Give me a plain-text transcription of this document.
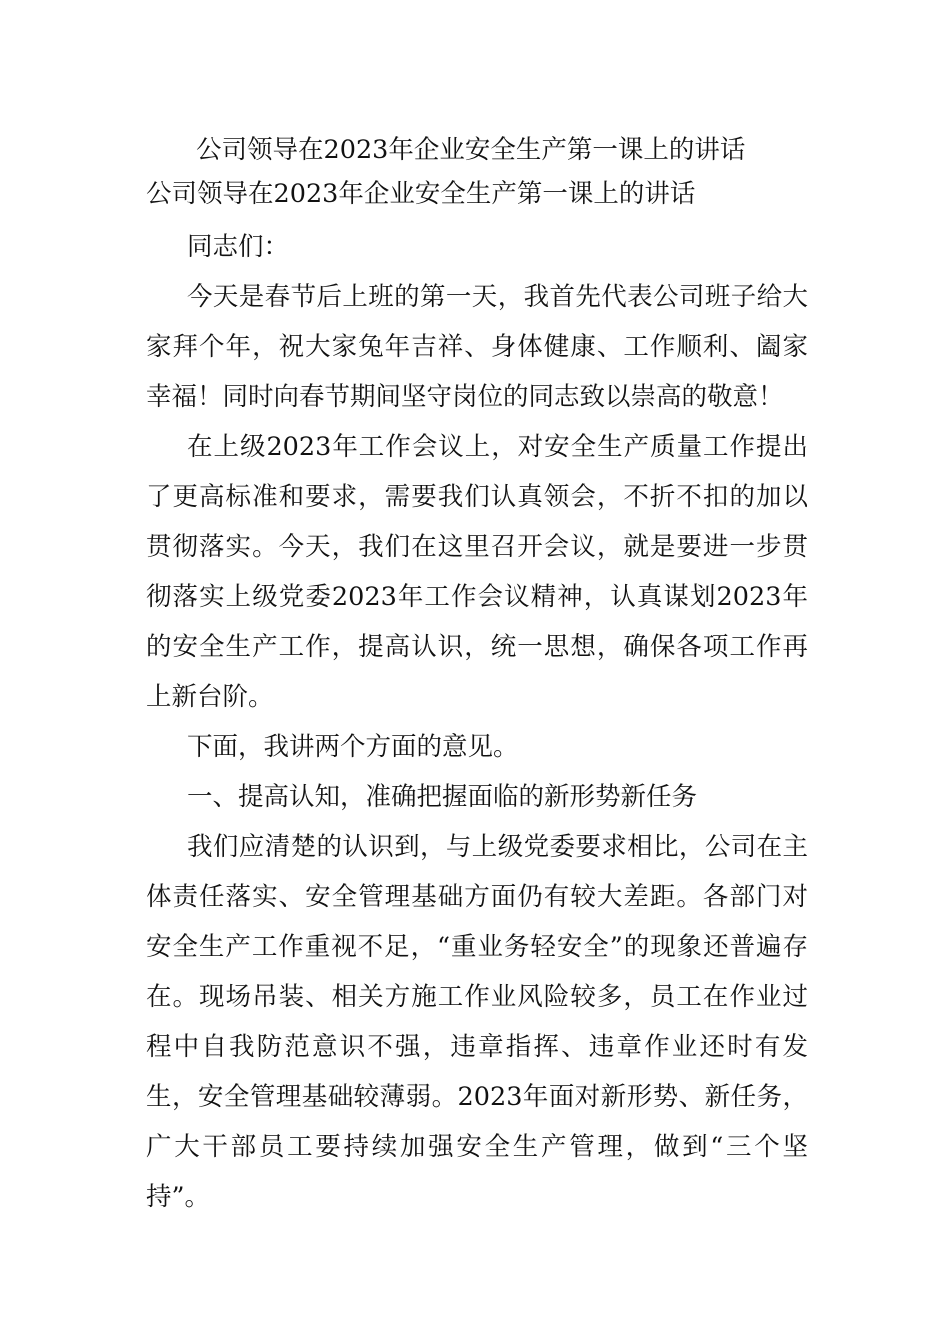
公司领导在2023年企业安全生产第一课上的讲话

公司领导在2023年企业安全生产第一课上的讲话

同志们：

今天是春节后上班的第一天，我首先代表公司班子给大家拜个年，祝大家兔年吉祥、身体健康、工作顺利、阖家幸福！同时向春节期间坚守岗位的同志致以崇高的敬意！

在上级2023年工作会议上，对安全生产质量工作提出了更高标准和要求，需要我们认真领会，不折不扣的加以贯彻落实。今天，我们在这里召开会议，就是要进一步贯彻落实上级党委2023年工作会议精神，认真谋划2023年的安全生产工作，提高认识，统一思想，确保各项工作再上新台阶。

下面，我讲两个方面的意见。

一、提高认知，准确把握面临的新形势新任务

我们应清楚的认识到，与上级党委要求相比，公司在主体责任落实、安全管理基础方面仍有较大差距。各部门对安全生产工作重视不足，“重业务轻安全”的现象还普遍存在。现场吊装、相关方施工作业风险较多，员工在作业过程中自我防范意识不强，违章指挥、违章作业还时有发生，安全管理基础较薄弱。2023年面对新形势、新任务，广大干部员工要持续加强安全生产管理，做到“三个坚持”。
